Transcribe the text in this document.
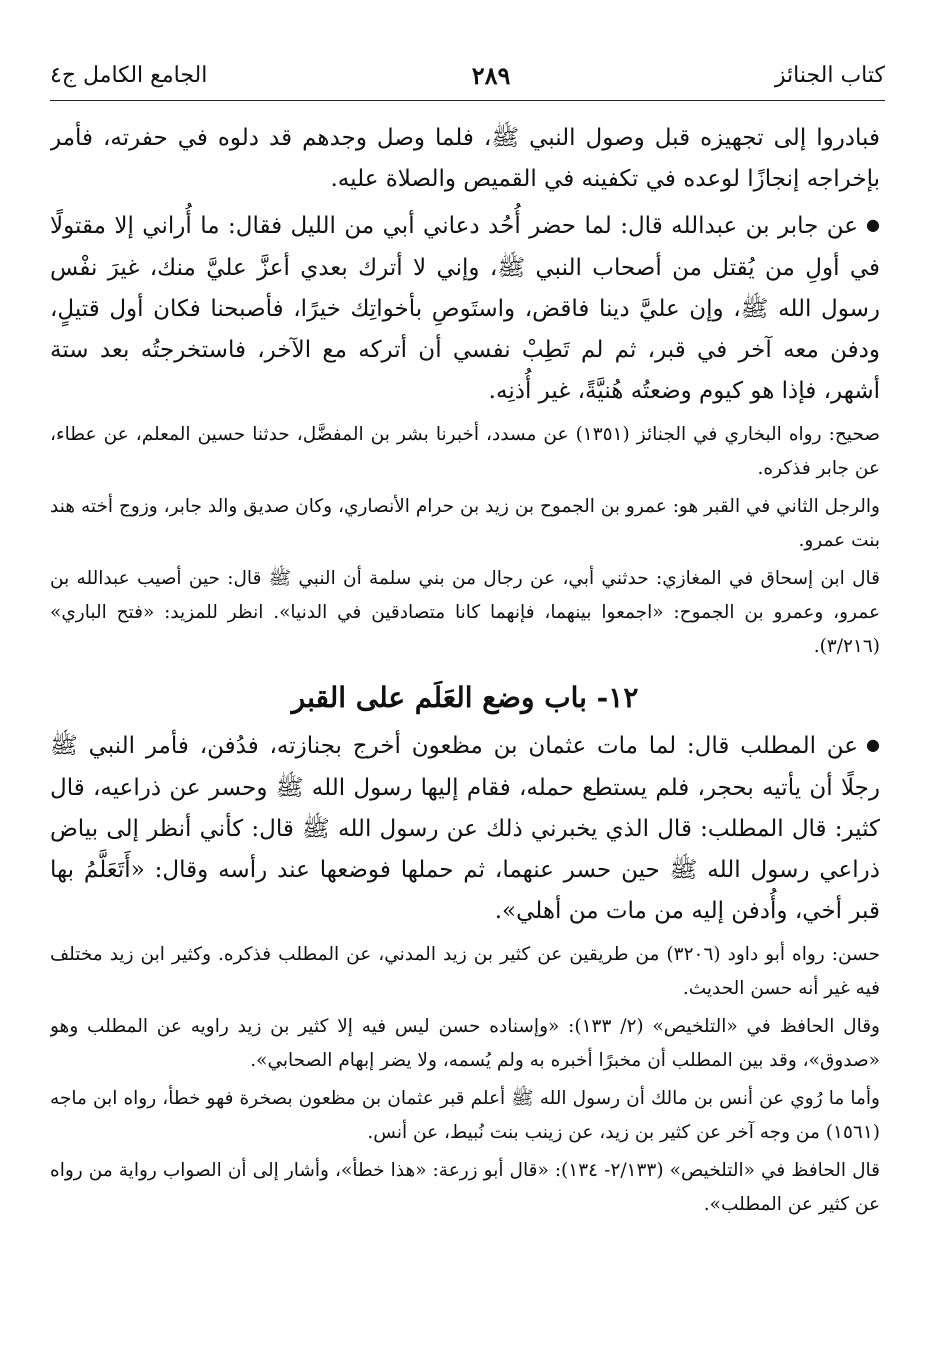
كتاب الجنائز
٢٨٩
الجامع الكامل ج٤

فبادروا إلى تجهيزه قبل وصول النبي ﷺ، فلما وصل وجدهم قد دلوه في حفرته، فأمر بإخراجه إنجازًا لوعده في تكفينه في القميص والصلاة عليه.

●عن جابر بن عبدالله قال: لما حضر أُحُد دعاني أبي من الليل فقال: ما أُراني إلا مقتولًا في أولِ من يُقتل من أصحاب النبي ﷺ، وإني لا أترك بعدي أعزَّ عليَّ منك، غيرَ نفْس رسول الله ﷺ، وإن عليَّ دينا فاقض، واستَوصِ بأخواتِك خيرًا، فأصبحنا فكان أول قتيلٍ، ودفن معه آخر في قبر، ثم لم تَطِبْ نفسي أن أتركه مع الآخر، فاستخرجتُه بعد ستة أشهر، فإذا هو كيوم وضعتُه هُنيَّةً، غير أُذنِه.

صحيح: رواه البخاري في الجنائز (١٣٥١) عن مسدد، أخبرنا بشر بن المفضَّل، حدثنا حسين المعلم، عن عطاء، عن جابر فذكره.

والرجل الثاني في القبر هو: عمرو بن الجموح بن زيد بن حرام الأنصاري، وكان صديق والد جابر، وزوج أخته هند بنت عمرو.

قال ابن إسحاق في المغازي: حدثني أبي، عن رجال من بني سلمة أن النبي ﷺ قال: حين أصيب عبدالله بن عمرو، وعمرو بن الجموح: «اجمعوا بينهما، فإنهما كانا متصادقين في الدنيا». انظر للمزيد: «فتح الباري» (٣/٢١٦).

١٢- باب وضع العَلَم على القبر

●عن المطلب قال: لما مات عثمان بن مظعون أخرج بجنازته، فدُفن، فأمر النبي ﷺ رجلًا أن يأتيه بحجر، فلم يستطع حمله، فقام إليها رسول الله ﷺ وحسر عن ذراعيه، قال كثير: قال المطلب: قال الذي يخبرني ذلك عن رسول الله ﷺ قال: كأني أنظر إلى بياض ذراعي رسول الله ﷺ حين حسر عنهما، ثم حملها فوضعها عند رأسه وقال: «أَتَعَلَّمُ بها قبر أخي، وأُدفن إليه من مات من أهلي».

حسن: رواه أبو داود (٣٢٠٦) من طريقين عن كثير بن زيد المدني، عن المطلب فذكره. وكثير ابن زيد مختلف فيه غير أنه حسن الحديث.

وقال الحافظ في «التلخيص» (٢/ ١٣٣): «وإسناده حسن ليس فيه إلا كثير بن زيد راويه عن المطلب وهو «صدوق»، وقد بين المطلب أن مخبرًا أخبره به ولم يُسمه، ولا يضر إبهام الصحابي».

وأما ما رُوي عن أنس بن مالك أن رسول الله ﷺ أعلم قبر عثمان بن مظعون بصخرة فهو خطأ، رواه ابن ماجه (١٥٦١) من وجه آخر عن كثير بن زيد، عن زينب بنت نُبيط، عن أنس.

قال الحافظ في «التلخيص» (٢/١٣٣- ١٣٤): «قال أبو زرعة: «هذا خطأ»، وأشار إلى أن الصواب رواية من رواه عن كثير عن المطلب».
